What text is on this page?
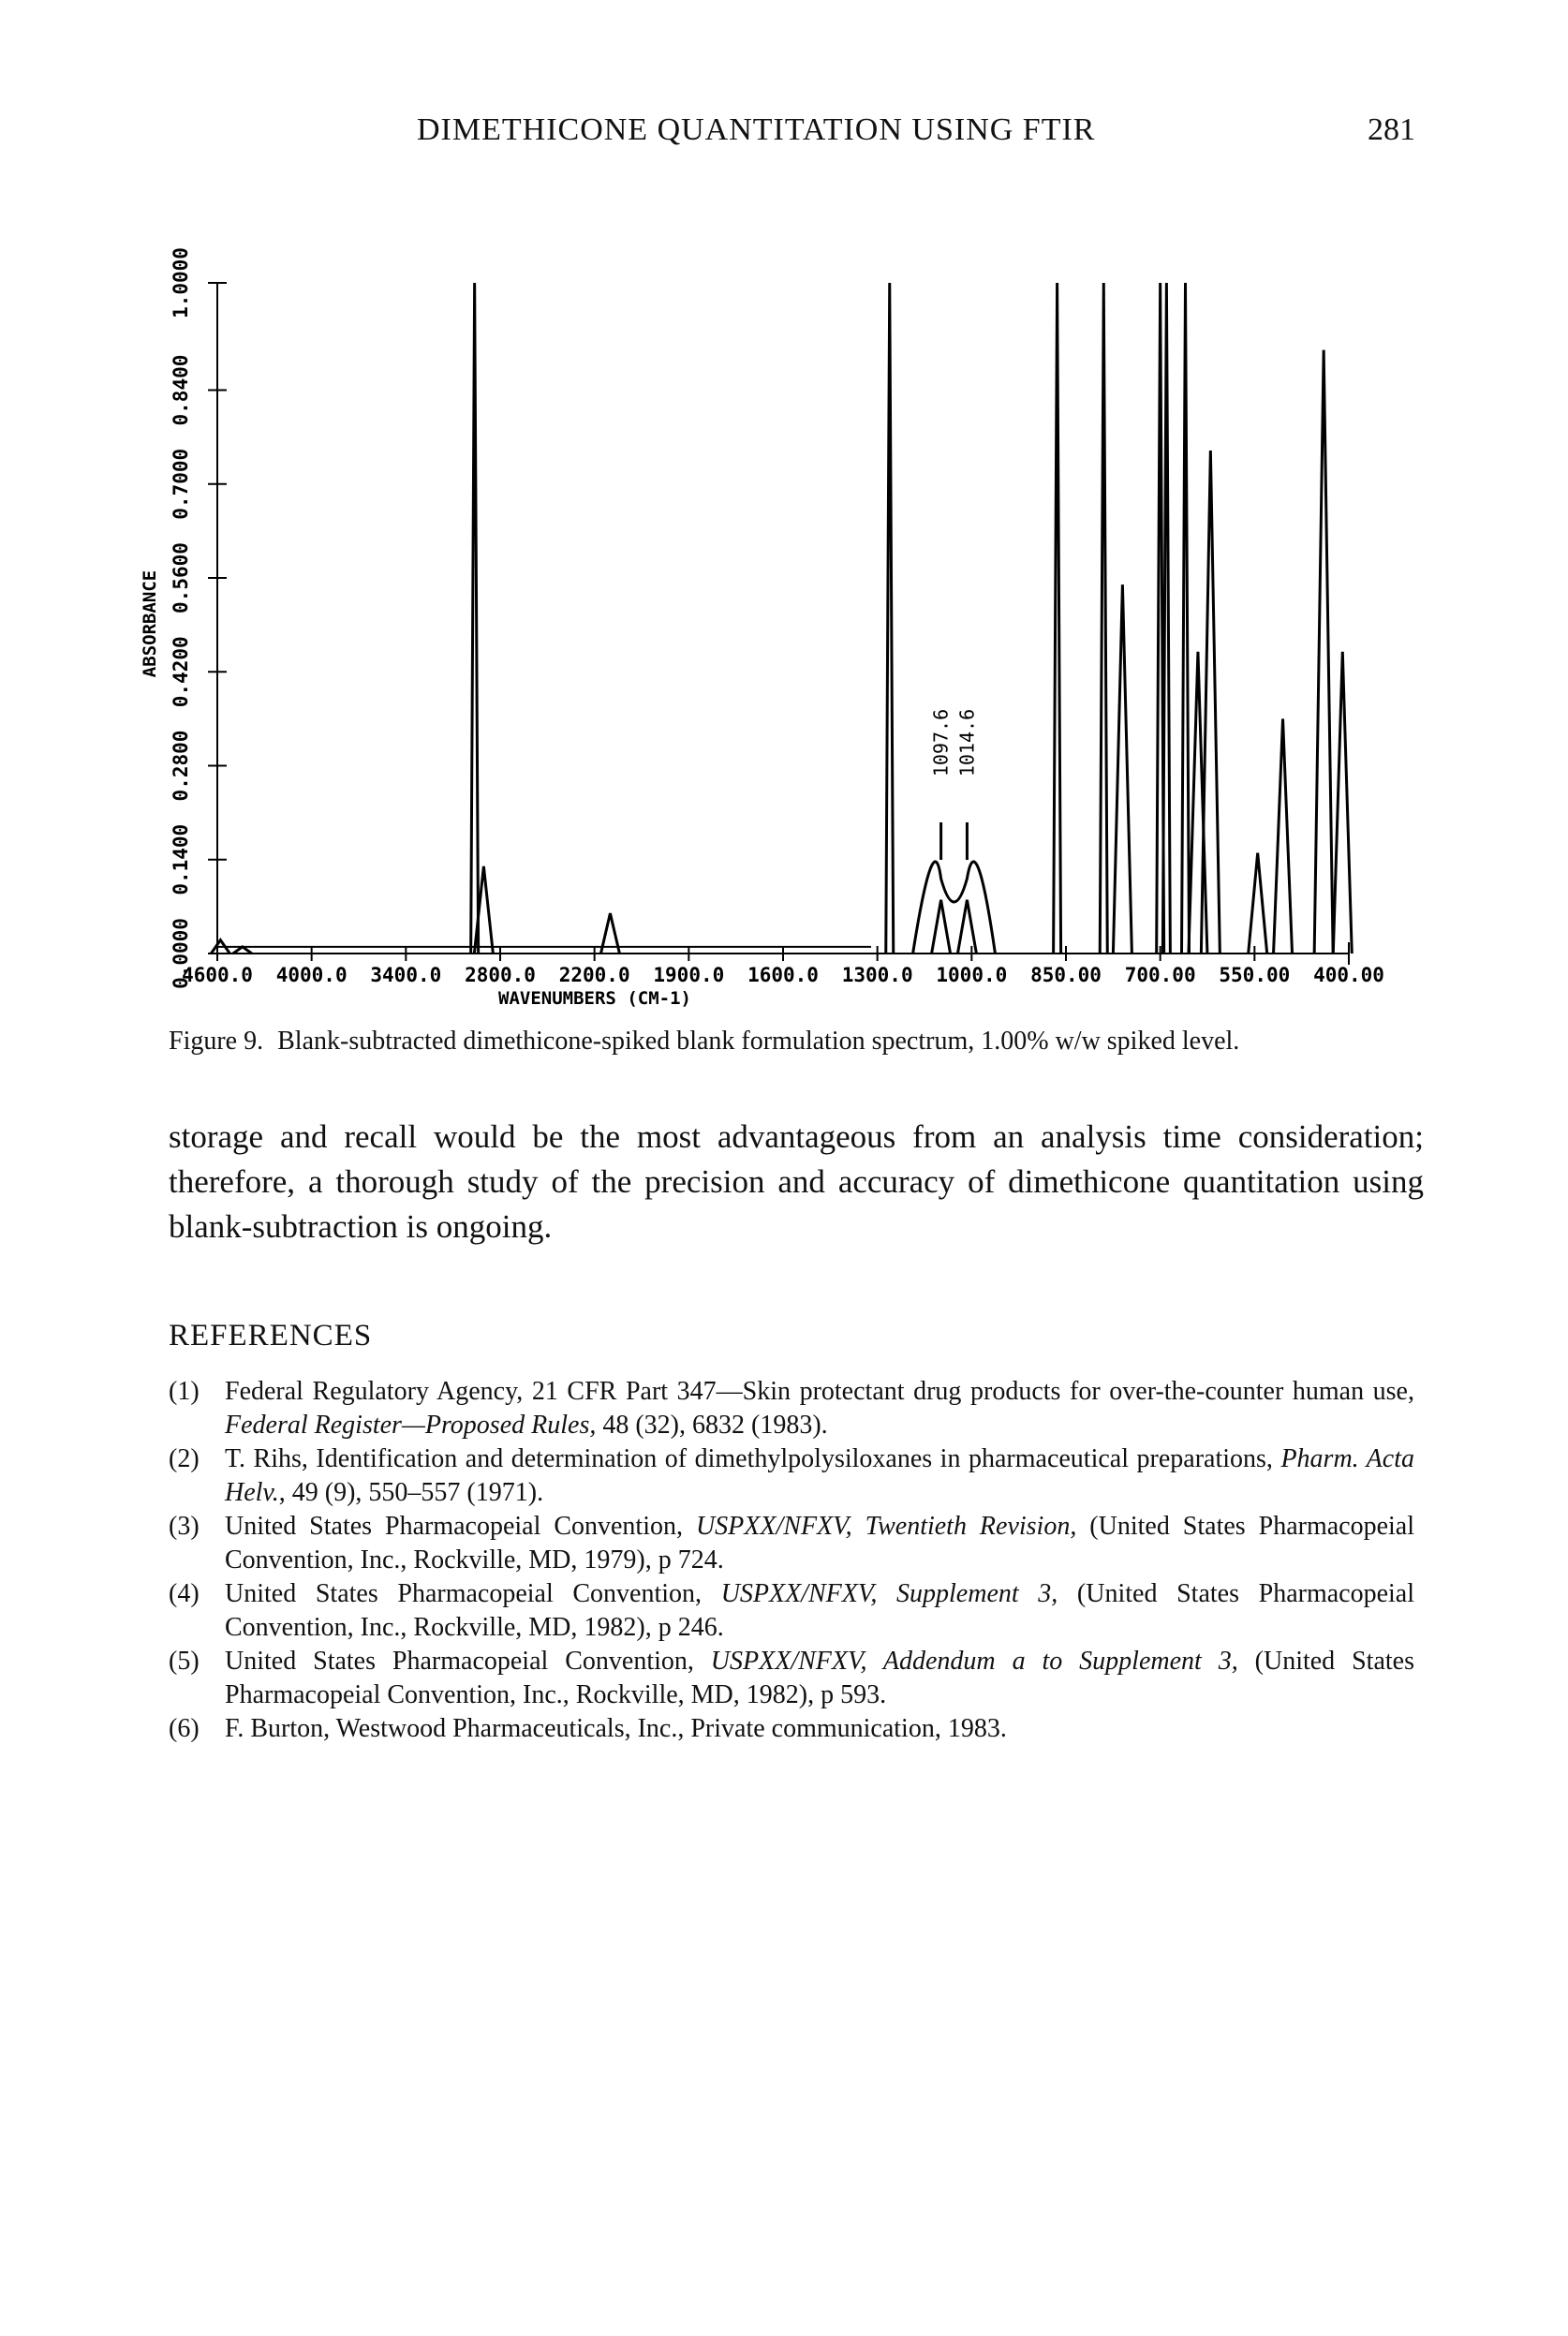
DIMETHICONE QUANTITATION USING FTIR	281
0.0000
0.1400
0.2800
0.4200
0.5600
0.7000
0.8400
1.0000
ABSORBANCE
4600.0 4000.0 3400.0 2800.0 2200.0 1900.0 1600.0 1300.0 1000.0 850.00 700.00 550.00 400.00
WAVENUMBERS (CM-1)
1097.6 1014.6
Figure 9. Blank-subtracted dimethicone-spiked blank formulation spectrum, 1.00% w/w spiked level.

storage and recall would be the most advantageous from an analysis time consideration; therefore, a thorough study of the precision and accuracy of dimethicone quantitation using blank-subtraction is ongoing.

REFERENCES
(1) Federal Regulatory Agency, 21 CFR Part 347—Skin protectant drug products for over-the-counter human use, Federal Register—Proposed Rules, 48 (32), 6832 (1983).
(2) T. Rihs, Identification and determination of dimethylpolysiloxanes in pharmaceutical preparations, Pharm. Acta Helv., 49 (9), 550–557 (1971).
(3) United States Pharmacopeial Convention, USPXX/NFXV, Twentieth Revision, (United States Pharmacopeial Convention, Inc., Rockville, MD, 1979), p 724.
(4) United States Pharmacopeial Convention, USPXX/NFXV, Supplement 3, (United States Pharmacopeial Convention, Inc., Rockville, MD, 1982), p 246.
(5) United States Pharmacopeial Convention, USPXX/NFXV, Addendum a to Supplement 3, (United States Pharmacopeial Convention, Inc., Rockville, MD, 1982), p 593.
(6) F. Burton, Westwood Pharmaceuticals, Inc., Private communication, 1983.
